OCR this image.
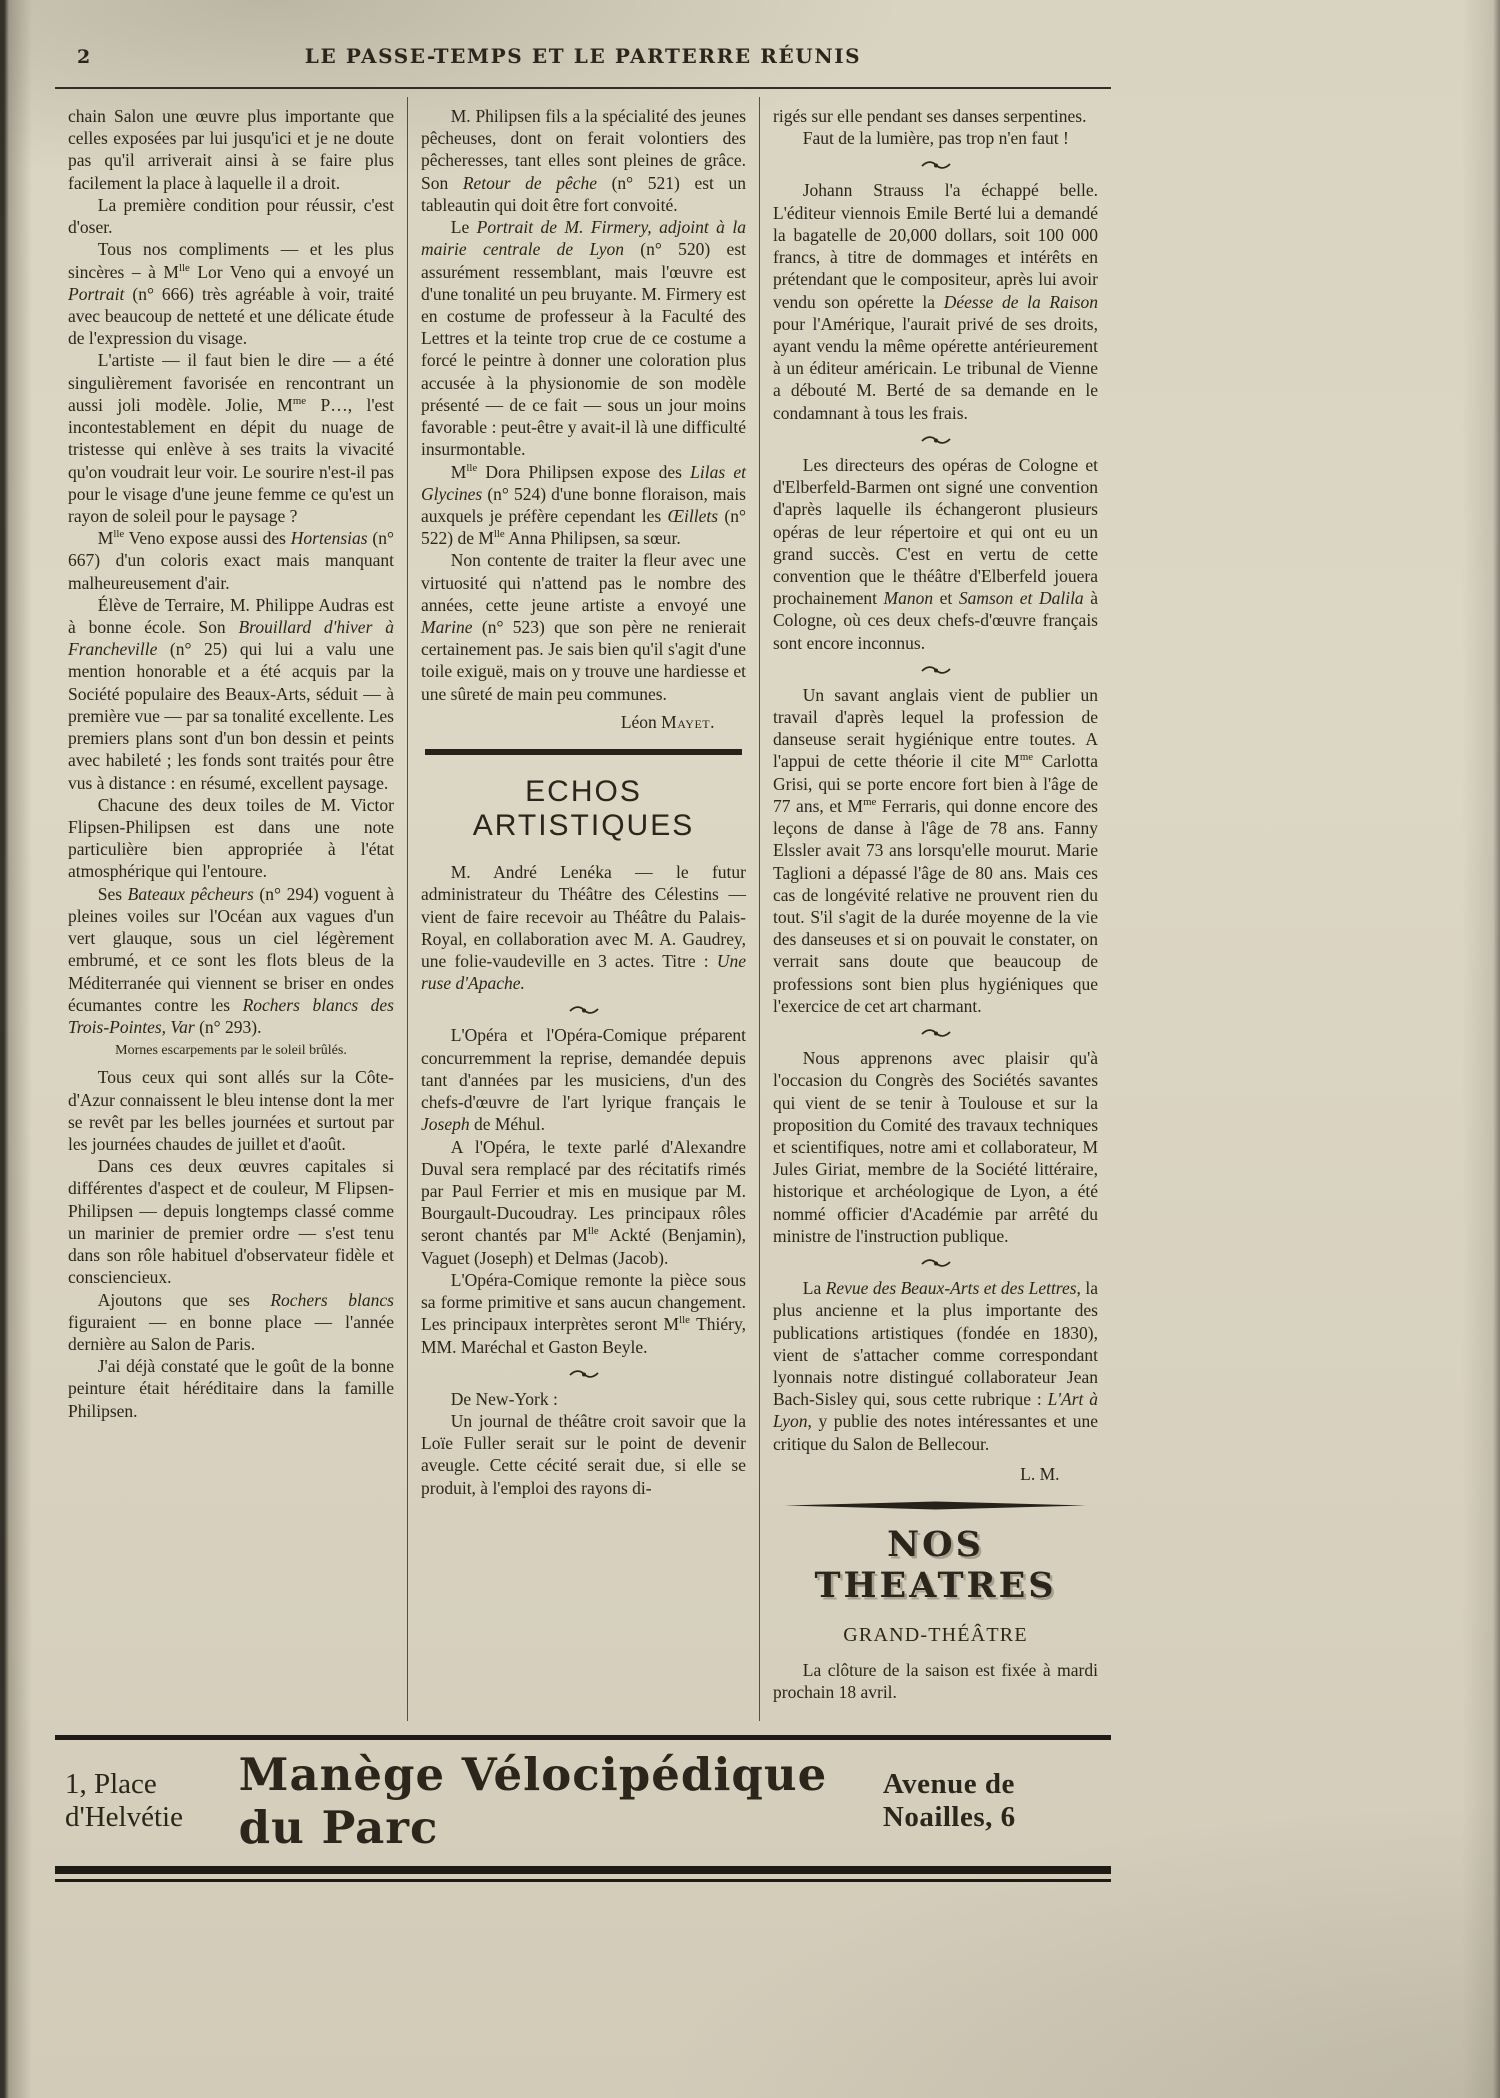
2	LE PASSE-TEMPS ET LE PARTERRE RÉUNIS

chain Salon une œuvre plus importante que celles exposées par lui jusqu'ici et je ne doute pas qu'il arriverait ainsi à se faire plus facilement la place à laquelle il a droit.

La première condition pour réussir, c'est d'oser.

Tous nos compliments — et les plus sincères – à $M^{lle}$ Lor Veno qui a envoyé un Portrait (n° 666) très agréable à voir, traité avec beaucoup de netteté et une délicate étude de l'expression du visage.

L'artiste — il faut bien le dire — a été singulièrement favorisée en rencontrant un aussi joli modèle. Jolie, $M^{me}$ P…, l'est incontestablement en dépit du nuage de tristesse qui enlève à ses traits la vivacité qu'on voudrait leur voir. Le sourire n'est-il pas pour le visage d'une jeune femme ce qu'est un rayon de soleil pour le paysage ?

$M^{lle}$ Veno expose aussi des Hortensias (n° 667) d'un coloris exact mais manquant malheureusement d'air.

Élève de Terraire, M. Philippe Audras est à bonne école. Son Brouillard d'hiver à Francheville (n° 25) qui lui a valu une mention honorable et a été acquis par la Société populaire des Beaux-Arts, séduit — à première vue — par sa tonalité excellente. Les premiers plans sont d'un bon dessin et peints avec habileté ; les fonds sont traités pour être vus à distance : en résumé, excellent paysage.

Chacune des deux toiles de M. Victor Flipsen-Philipsen est dans une note particulière bien appropriée à l'état atmosphérique qui l'entoure.

Ses Bateaux pêcheurs (n° 294) voguent à pleines voiles sur l'Océan aux vagues d'un vert glauque, sous un ciel légèrement embrumé, et ce sont les flots bleus de la Méditerranée qui viennent se briser en ondes écumantes contre les Rochers blancs des Trois-Pointes, Var (n° 293).

Mornes escarpements par le soleil brûlés.

Tous ceux qui sont allés sur la Côte-d'Azur connaissent le bleu intense dont la mer se revêt par les belles journées et surtout par les journées chaudes de juillet et d'août.

Dans ces deux œuvres capitales si différentes d'aspect et de couleur, M Flipsen-Philipsen — depuis longtemps classé comme un marinier de premier ordre — s'est tenu dans son rôle habituel d'observateur fidèle et consciencieux.

Ajoutons que ses Rochers blancs figuraient — en bonne place — l'année dernière au Salon de Paris.

J'ai déjà constaté que le goût de la bonne peinture était héréditaire dans la famille Philipsen.

M. Philipsen fils a la spécialité des jeunes pêcheuses, dont on ferait volontiers des pêcheresses, tant elles sont pleines de grâce. Son Retour de pêche (n° 521) est un tableautin qui doit être fort convoité.

Le Portrait de M. Firmery, adjoint à la mairie centrale de Lyon (n° 520) est assurément ressemblant, mais l'œuvre est d'une tonalité un peu bruyante. M. Firmery est en costume de professeur à la Faculté des Lettres et la teinte trop crue de ce costume a forcé le peintre à donner une coloration plus accusée à la physionomie de son modèle présenté — de ce fait — sous un jour moins favorable : peut-être y avait-il là une difficulté insurmontable.

$M^{lle}$ Dora Philipsen expose des Lilas et Glycines (n° 524) d'une bonne floraison, mais auxquels je préfère cependant les Œillets (n° 522) de $M^{lle}$ Anna Philipsen, sa sœur.

Non contente de traiter la fleur avec une virtuosité qui n'attend pas le nombre des années, cette jeune artiste a envoyé une Marine (n° 523) que son père ne renierait certainement pas. Je sais bien qu'il s'agit d'une toile exiguë, mais on y trouve une hardiesse et une sûreté de main peu communes.

Léon Mayet.

ECHOS ARTISTIQUES

M. André Lenéka — le futur administrateur du Théâtre des Célestins — vient de faire recevoir au Théâtre du Palais-Royal, en collaboration avec M. A. Gaudrey, une folie-vaudeville en 3 actes. Titre : Une ruse d'Apache.

L'Opéra et l'Opéra-Comique préparent concurremment la reprise, demandée depuis tant d'années par les musiciens, d'un des chefs-d'œuvre de l'art lyrique français le Joseph de Méhul.

A l'Opéra, le texte parlé d'Alexandre Duval sera remplacé par des récitatifs rimés par Paul Ferrier et mis en musique par M. Bourgault-Ducoudray. Les principaux rôles seront chantés par $M^{lle}$ Ackté (Benjamin), Vaguet (Joseph) et Delmas (Jacob).

L'Opéra-Comique remonte la pièce sous sa forme primitive et sans aucun changement. Les principaux interprètes seront $M^{lle}$ Thiéry, MM. Maréchal et Gaston Beyle.

De New-York :

Un journal de théâtre croit savoir que la Loïe Fuller serait sur le point de devenir aveugle. Cette cécité serait due, si elle se produit, à l'emploi des rayons di-

rigés sur elle pendant ses danses serpentines.

Faut de la lumière, pas trop n'en faut !

Johann Strauss l'a échappé belle. L'éditeur viennois Emile Berté lui a demandé la bagatelle de 20,000 dollars, soit 100 000 francs, à titre de dommages et intérêts en prétendant que le compositeur, après lui avoir vendu son opérette la Déesse de la Raison pour l'Amérique, l'aurait privé de ses droits, ayant vendu la même opérette antérieurement à un éditeur américain. Le tribunal de Vienne a débouté M. Berté de sa demande en le condamnant à tous les frais.

Les directeurs des opéras de Cologne et d'Elberfeld-Barmen ont signé une convention d'après laquelle ils échangeront plusieurs opéras de leur répertoire et qui ont eu un grand succès. C'est en vertu de cette convention que le théâtre d'Elberfeld jouera prochainement Manon et Samson et Dalila à Cologne, où ces deux chefs-d'œuvre français sont encore inconnus.

Un savant anglais vient de publier un travail d'après lequel la profession de danseuse serait hygiénique entre toutes. A l'appui de cette théorie il cite $M^{me}$ Carlotta Grisi, qui se porte encore fort bien à l'âge de 77 ans, et $M^{me}$ Ferraris, qui donne encore des leçons de danse à l'âge de 78 ans. Fanny Elssler avait 73 ans lorsqu'elle mourut. Marie Taglioni a dépassé l'âge de 80 ans. Mais ces cas de longévité relative ne prouvent rien du tout. S'il s'agit de la durée moyenne de la vie des danseuses et si on pouvait le constater, on verrait sans doute que beaucoup de professions sont bien plus hygiéniques que l'exercice de cet art charmant.

Nous apprenons avec plaisir qu'à l'occasion du Congrès des Sociétés savantes qui vient de se tenir à Toulouse et sur la proposition du Comité des travaux techniques et scientifiques, notre ami et collaborateur, M Jules Giriat, membre de la Société littéraire, historique et archéologique de Lyon, a été nommé officier d'Académie par arrêté du ministre de l'instruction publique.

La Revue des Beaux-Arts et des Lettres, la plus ancienne et la plus importante des publications artistiques (fondée en 1830), vient de s'attacher comme correspondant lyonnais notre distingué collaborateur Jean Bach-Sisley qui, sous cette rubrique : L'Art à Lyon, y publie des notes intéressantes et une critique du Salon de Bellecour.

L. M.

NOS THEATRES
GRAND-THÉÂTRE

La clôture de la saison est fixée à mardi prochain 18 avril.

1, Place d'Helvétie
Manège Vélocipédique du Parc
Avenue de Noailles, 6
